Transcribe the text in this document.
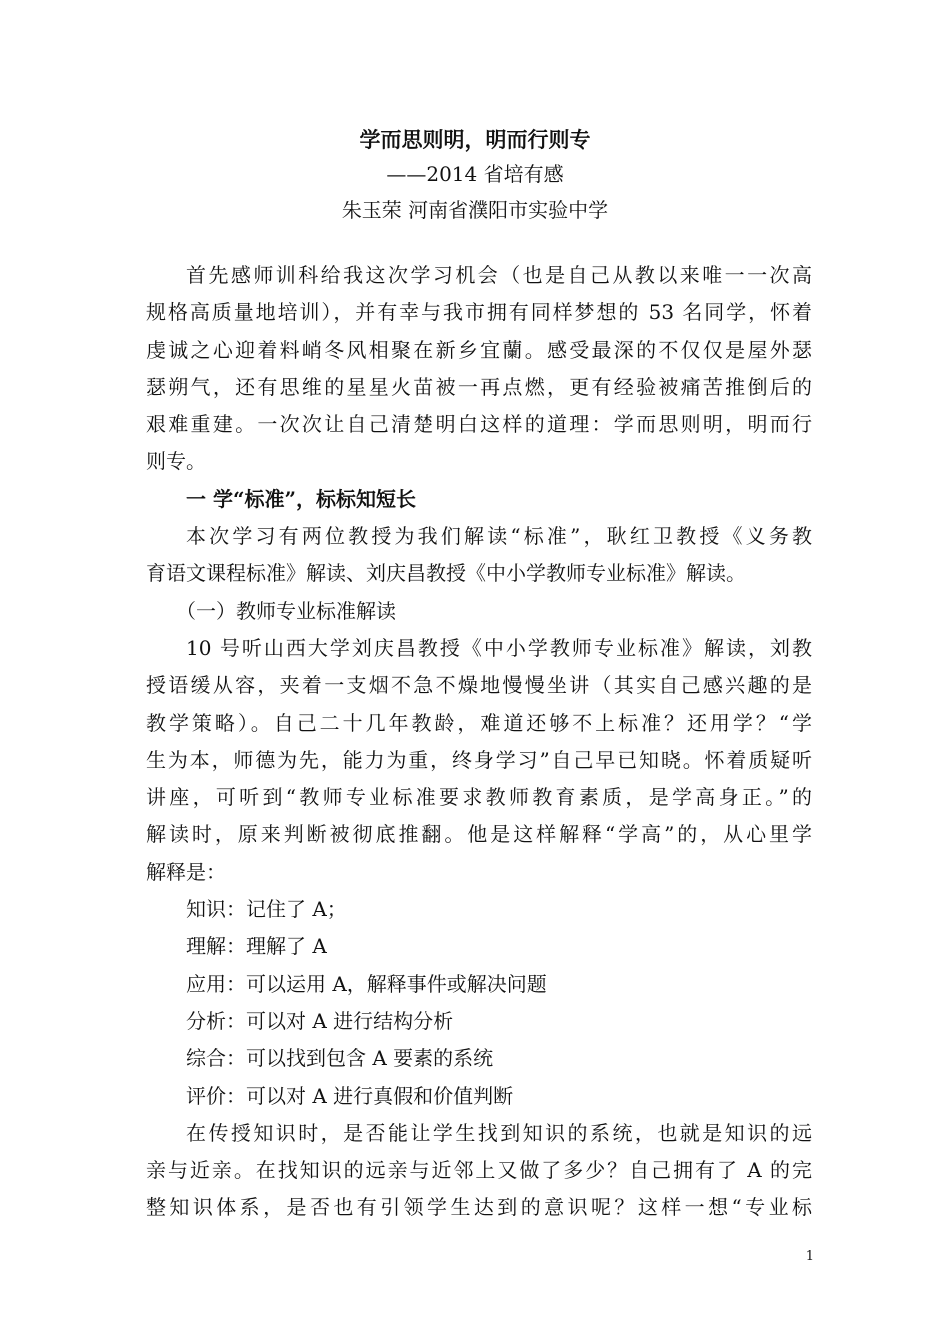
学而思则明，明而行则专
——2014 省培有感
朱玉荣 河南省濮阳市实验中学
首先感师训科给我这次学习机会（也是自己从教以来唯一一次高
规格高质量地培训），并有幸与我市拥有同样梦想的 53 名同学，怀着
虔诚之心迎着料峭冬风相聚在新乡宜蘭。感受最深的不仅仅是屋外瑟
瑟朔气，还有思维的星星火苗被一再点燃，更有经验被痛苦推倒后的
艰难重建。一次次让自己清楚明白这样的道理：学而思则明，明而行
则专。
一 学“标准”，标标知短长
本次学习有两位教授为我们解读“标准”，耿红卫教授《义务教
育语文课程标准》解读、刘庆昌教授《中小学教师专业标准》解读。
（一）教师专业标准解读
10 号听山西大学刘庆昌教授《中小学教师专业标准》解读，刘教
授语缓从容，夹着一支烟不急不燥地慢慢坐讲（其实自己感兴趣的是
教学策略）。自己二十几年教龄，难道还够不上标准？还用学？“学
生为本，师德为先，能力为重，终身学习”自己早已知晓。怀着质疑听
讲座，可听到“教师专业标准要求教师教育素质，是学高身正。”的
解读时，原来判断被彻底推翻。他是这样解释“学高”的，从心里学
解释是：
知识：记住了 A；
理解：理解了 A
应用：可以运用 A，解释事件或解决问题
分析：可以对 A 进行结构分析
综合：可以找到包含 A 要素的系统
评价：可以对 A 进行真假和价值判断
在传授知识时，是否能让学生找到知识的系统，也就是知识的远
亲与近亲。在找知识的远亲与近邻上又做了多少？自己拥有了 A 的完
整知识体系，是否也有引领学生达到的意识呢？这样一想“专业标
1
